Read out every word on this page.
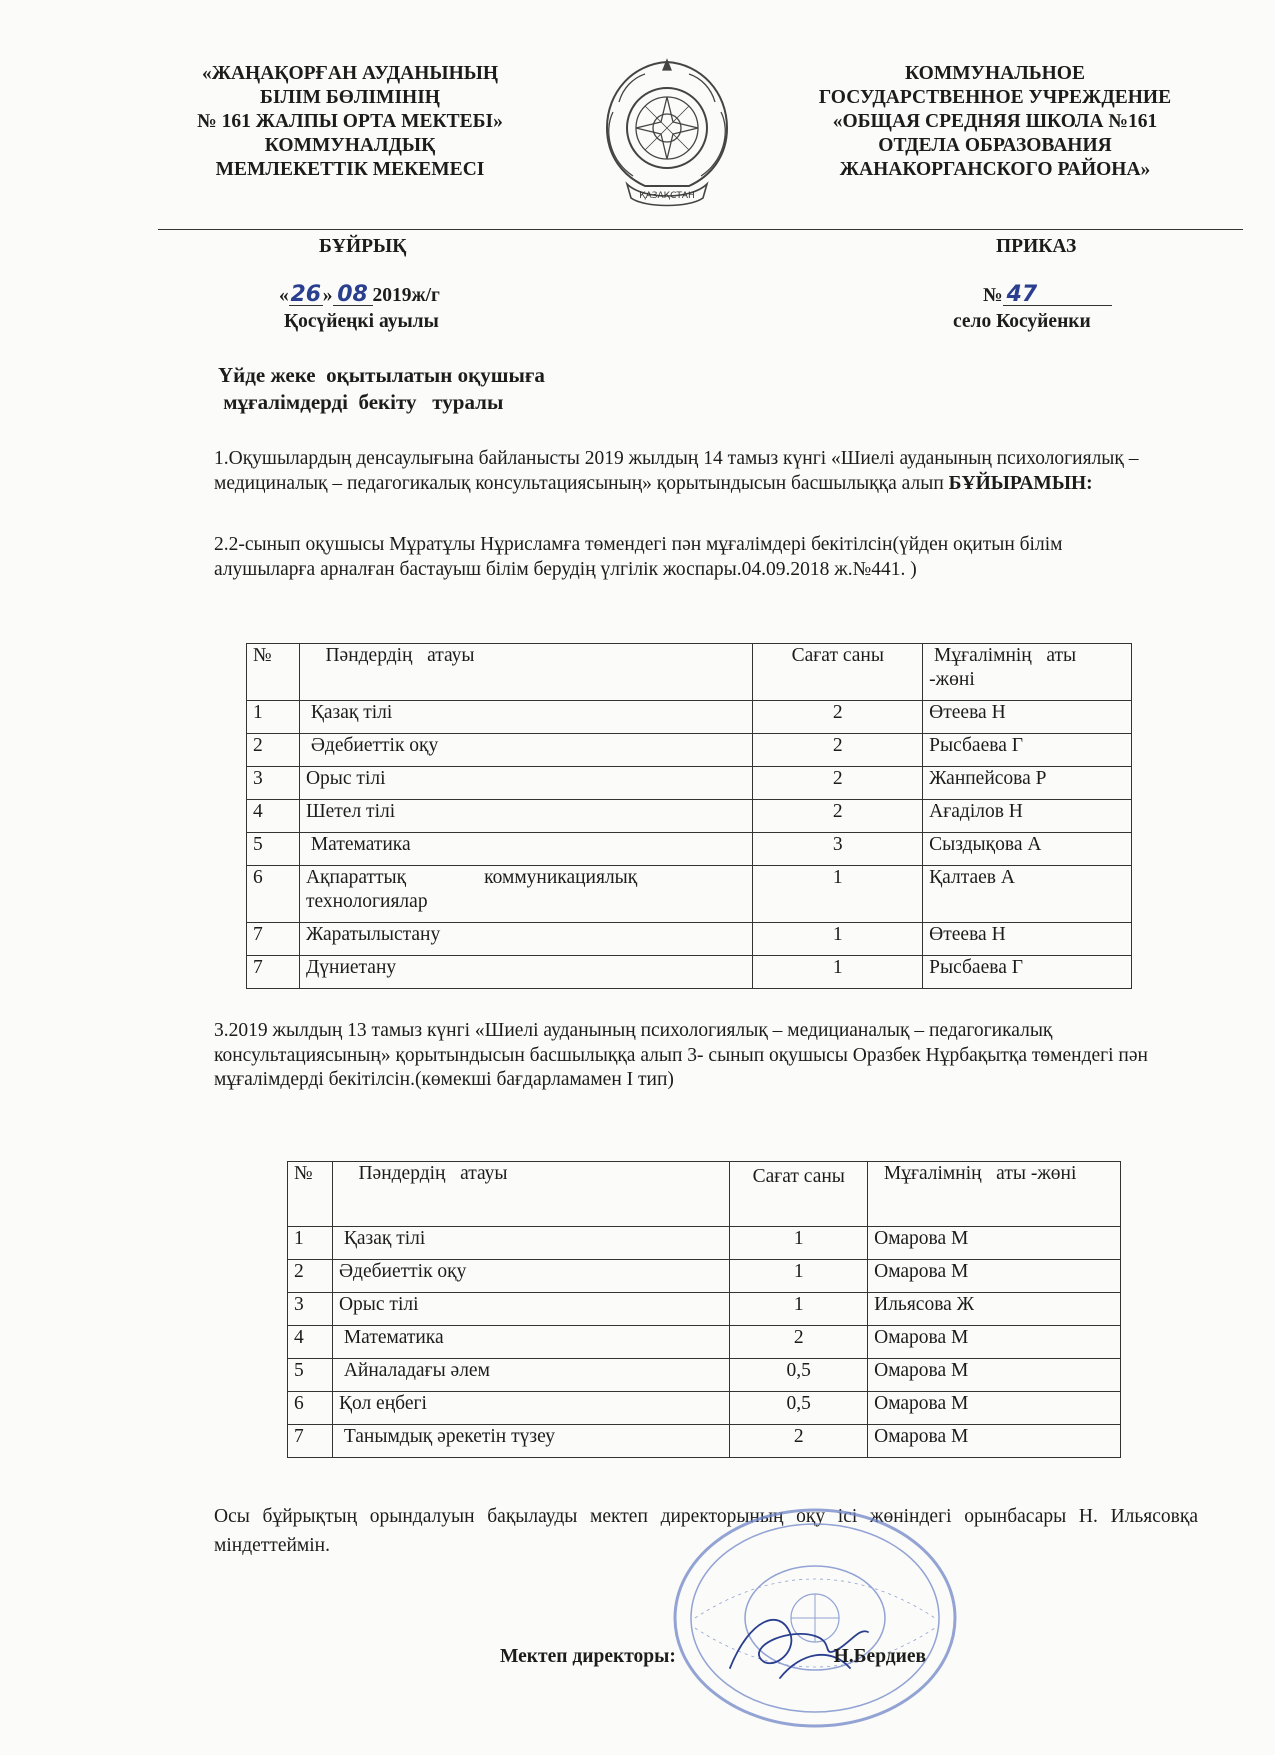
«ЖАҢАҚОРҒАН АУДАНЫНЫҢ
БІЛІМ БӨЛІМІНІҢ
№ 161 ЖАЛПЫ ОРТА МЕКТЕБІ»
КОММУНАЛДЫҚ
МЕМЛЕКЕТТІК МЕКЕМЕСІ
ҚАЗАҚСТАН
КОММУНАЛЬНОЕ
ГОСУДАРСТВЕННОЕ УЧРЕЖДЕНИЕ
«ОБЩАЯ СРЕДНЯЯ ШКОЛА №161
ОТДЕЛА ОБРАЗОВАНИЯ
ЖАНАКОРГАНСКОГО РАЙОНА»
БҰЙРЫҚ	ПРИКАЗ
«26» 08 2019ж/г	№ 47
Қосүйеңкі ауылы	село Косуйенки
Үйде жеке  оқытылатын оқушыға
мұғалімдерді  бекіту   туралы
1.Оқушылардың денсаулығына байланысты 2019 жылдың 14 тамыз күнгі «Шиелі ауданының психологиялық – медициналық – педагогикалық консультациясының» қорытындысын басшылыққа алып БҰЙЫРАМЫН:
2.2-сынып оқушысы Мұратұлы Нұрисламға төмендегі пән мұғалімдері бекітілсін(үйден оқитын білім алушыларға арналған бастауыш білім берудің үлгілік жоспары.04.09.2018 ж.№441. )
№	Пәндердің   атауы	Сағат саны	Мұғалімнің   аты -жөні
1	Қазақ тілі	2	Өтеева Н
2	Әдебиеттік оқу	2	Рысбаева Г
3	Орыс тілі	2	Жанпейсова Р
4	Шетел тілі	2	Ағаділов Н
5	Математика	3	Сыздықова А
6	Ақпараттық                коммуникациялық технологиялар	1	Қалтаев А
7	Жаратылыстану	1	Өтеева Н
7	Дүниетану	1	Рысбаева Г
3.2019 жылдың 13 тамыз күнгі «Шиелі ауданының психологиялық – медицианалық – педагогикалық консультациясының» қорытындысын басшылыққа алып 3- сынып оқушысы Оразбек Нұрбақытқа төмендегі пән мұғалімдерді бекітілсін.(көмекші бағдарламамен I тип)
№	Пәндердің   атауы	Сағат саны	Мұғалімнің   аты -жөні
1	Қазақ тілі	1	Омарова М
2	Әдебиеттік оқу	1	Омарова М
3	Орыс тілі	1	Ильясова Ж
4	Математика	2	Омарова М
5	Айналадағы әлем	0,5	Омарова М
6	Қол еңбегі	0,5	Омарова М
7	Танымдық әрекетін түзеу	2	Омарова М
Осы бұйрықтың орындалуын бақылауды мектеп директорының оқу ісі жөніндегі орынбасары Н. Ильясовқа міндеттеймін.
Мектеп директоры:	Н.Бердиев
